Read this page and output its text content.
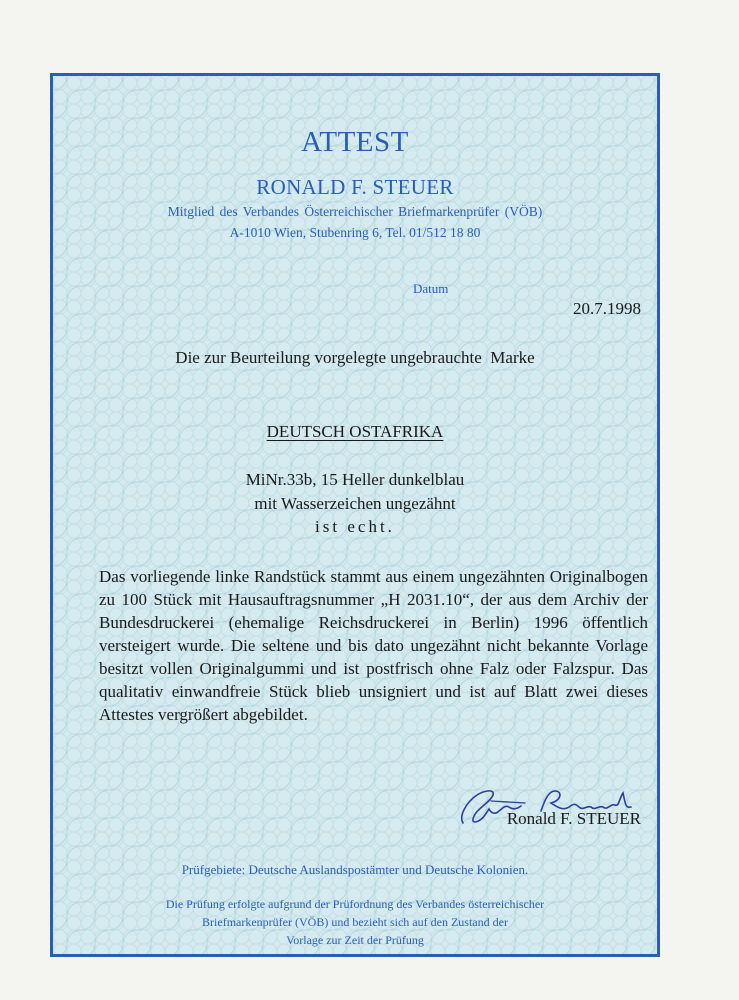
ATTEST
RONALD F. STEUER
Mitglied des Verbandes Österreichischer Briefmarkenprüfer (VÖB)
A-1010 Wien, Stubenring 6, Tel. 01/512 18 80
Datum
20.7.1998
Die zur Beurteilung vorgelegte ungebrauchte  Marke
DEUTSCH OSTAFRIKA
MiNr.33b, 15 Heller dunkelblau
mit Wasserzeichen ungezähnt
ist echt.
Das vorliegende linke Randstück stammt aus einem ungezähnten Originalbogen zu 100 Stück mit Hausauftragsnummer „H 2031.10“, der aus dem Archiv der Bundesdruckerei (ehemalige Reichsdruckerei in Berlin) 1996 öffentlich versteigert wurde. Die seltene und bis dato ungezähnt nicht bekannte Vorlage besitzt vollen Originalgummi und ist postfrisch ohne Falz oder Falzspur. Das qualitativ einwandfreie Stück blieb unsigniert und ist auf Blatt zwei dieses Attestes vergrößert abgebildet.
Ronald F. STEUER
Prüfgebiete: Deutsche Auslandspostämter und Deutsche Kolonien.
Die Prüfung erfolgte aufgrund der Prüfordnung des Verbandes österreichischer
Briefmarkenprüfer (VÖB) und bezieht sich auf den Zustand der
Vorlage zur Zeit der Prüfung
